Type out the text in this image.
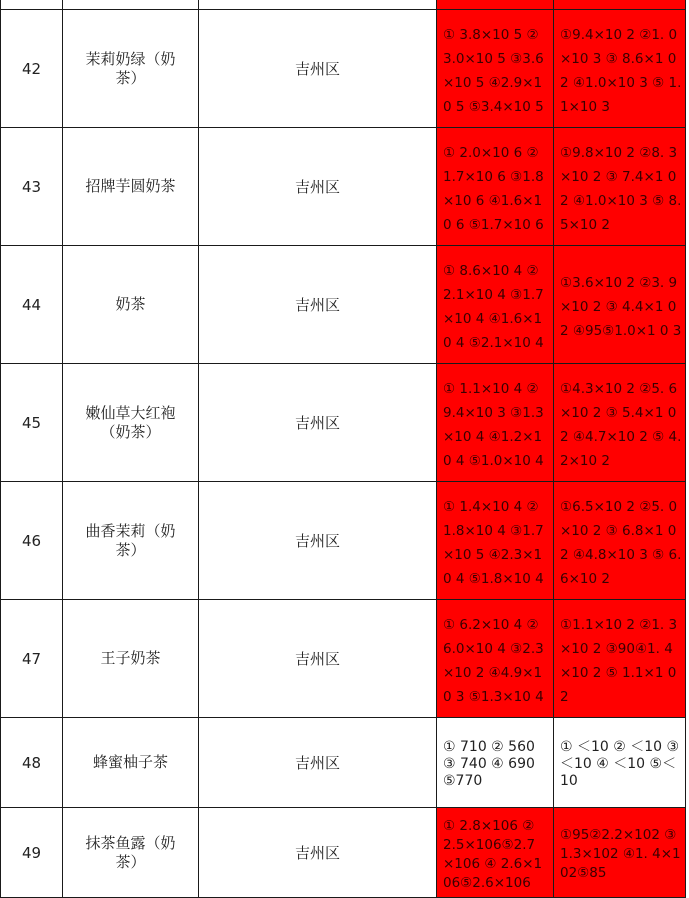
42	茉莉奶绿（奶茶）	吉州区	① 3.8×10 5 ② 3.0×10 5 ③3.6 ×10 5 ④2.9×1 0 5 ⑤3.4×10 5	①9.4×10 2 ②1. 0×10 3 ③ 8.6×1 0 2 ④1.0×10 3 ⑤ 1.1×10 3
43	招牌芋圆奶茶	吉州区	① 2.0×10 6 ② 1.7×10 6 ③1.8 ×10 6 ④1.6×1 0 6 ⑤1.7×10 6	①9.8×10 2 ②8. 3×10 2 ③ 7.4×1 0 2 ④1.0×10 3 ⑤ 8.5×10 2
44	奶茶	吉州区	① 8.6×10 4 ② 2.1×10 4 ③1.7 ×10 4 ④1.6×1 0 4 ⑤2.1×10 4	①3.6×10 2 ②3. 9×10 2 ③ 4.4×1 0 2 ④95⑤1.0×1 0 3
45	嫩仙草大红袍（奶茶）	吉州区	① 1.1×10 4 ② 9.4×10 3 ③1.3 ×10 4 ④1.2×1 0 4 ⑤1.0×10 4	①4.3×10 2 ②5. 6×10 2 ③ 5.4×1 0 2 ④4.7×10 2 ⑤ 4.2×10 2
46	曲香茉莉（奶茶）	吉州区	① 1.4×10 4 ② 1.8×10 4 ③1.7 ×10 5 ④2.3×1 0 4 ⑤1.8×10 4	①6.5×10 2 ②5. 0×10 2 ③ 6.8×1 0 2 ④4.8×10 3 ⑤ 6.6×10 2
47	王子奶茶	吉州区	① 6.2×10 4 ② 6.0×10 4 ③2.3 ×10 2 ④4.9×1 0 3 ⑤1.3×10 4	①1.1×10 2 ②1. 3×10 2 ③90④1. 4×10 2 ⑤ 1.1×1 0 2
48	蜂蜜柚子茶	吉州区	① 710 ② 560 ③ 740 ④ 690 ⑤770	① ＜10 ② ＜10 ③ ＜10 ④ ＜10 ⑤＜10
49	抹茶鱼露（奶茶）	吉州区	① 2.8×106 ② 2.5×106⑤2.7 ×106 ④ 2.6×1 06⑤2.6×106	①95②2.2×102 ③1.3×102 ④1. 4×102⑤85
